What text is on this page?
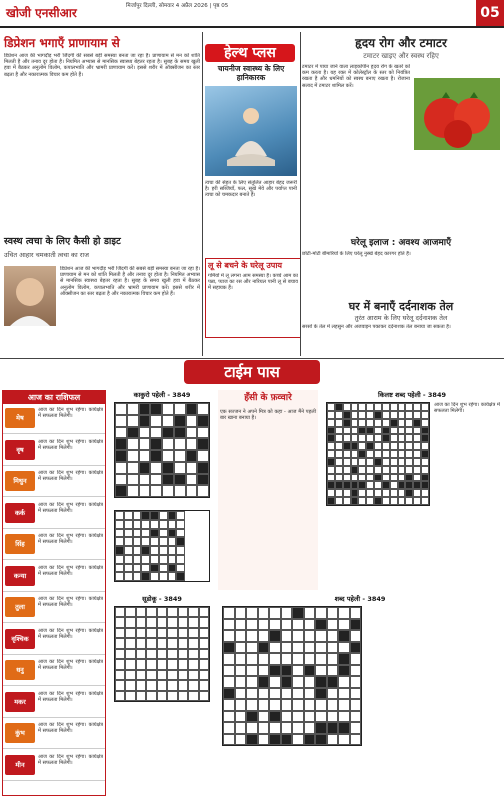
खोजी एनसीआर	मिर्जापुर दिल्ली, सोमवार 4 अप्रैल 2026 | पृष्ठ 05	05
डिप्रेशन भगाएँ प्राणायाम से
डिप्रेशन आज की भागदौड़ भरी जिंदगी की सबसे बड़ी समस्या बनता जा रहा है। प्राणायाम से मन को शांति मिलती है और तनाव दूर होता है। नियमित अभ्यास से मानसिक स्वास्थ्य बेहतर रहता है। सुबह के समय खुली हवा में बैठकर अनुलोम विलोम, कपालभाति और भ्रामरी प्राणायाम करें। इससे शरीर में ऑक्सीजन का स्तर बढ़ता है और नकारात्मक विचार कम होते हैं।
हेल्थ प्लस
चायनीज स्वास्थ्य के लिए हानिकारक
त्वचा की सेहत के लिए संतुलित आहार बेहद जरूरी है। हरी सब्जियाँ, फल, सूखे मेवे और पर्याप्त पानी त्वचा को चमकदार बनाते हैं।
हृदय रोग और टमाटर
टमाटर खाइए और स्वस्थ रहिए
टमाटर में पाया जाने वाला लाइकोपीन हृदय रोग के खतरे को कम करता है। यह रक्त में कोलेस्ट्रॉल के स्तर को नियंत्रित रखता है और धमनियों को स्वस्थ बनाए रखता है। रोजाना सलाद में टमाटर शामिल करें।
स्वस्थ त्वचा के लिए कैसी हो डाइट
उचित आहार चमकाती त्वचा का राज
डिप्रेशन आज की भागदौड़ भरी जिंदगी की सबसे बड़ी समस्या बनता जा रहा है। प्राणायाम से मन को शांति मिलती है और तनाव दूर होता है। नियमित अभ्यास से मानसिक स्वास्थ्य बेहतर रहता है। सुबह के समय खुली हवा में बैठकर अनुलोम विलोम, कपालभाति और भ्रामरी प्राणायाम करें। इससे शरीर में ऑक्सीजन का स्तर बढ़ता है और नकारात्मक विचार कम होते हैं।
लू से बचने के घरेलू उपाय
गर्मियों में लू लगना आम समस्या है। कच्चे आम का पन्ना, प्याज का रस और नारियल पानी लू से बचाव में सहायक हैं।
घरेलू इलाज : अवश्य आजमाएँ
छोटी-मोटी बीमारियों के लिए घरेलू नुस्खे बेहद कारगर होते हैं।
घर में बनाएँ दर्दनाशक तेल
तुरंत आराम के लिए घरेलू दर्दनाशक तेल
सरसों के तेल में लहसुन और अजवाइन पकाकर दर्दनाशक तेल बनाया जा सकता है।
टाईम पास
आज का राशिफल
मेष
आज का दिन शुभ रहेगा। कार्यक्षेत्र में सफलता मिलेगी।
वृष
आज का दिन शुभ रहेगा। कार्यक्षेत्र में सफलता मिलेगी।
मिथुन
आज का दिन शुभ रहेगा। कार्यक्षेत्र में सफलता मिलेगी।
कर्क
आज का दिन शुभ रहेगा। कार्यक्षेत्र में सफलता मिलेगी।
सिंह
आज का दिन शुभ रहेगा। कार्यक्षेत्र में सफलता मिलेगी।
कन्या
आज का दिन शुभ रहेगा। कार्यक्षेत्र में सफलता मिलेगी।
तुला
आज का दिन शुभ रहेगा। कार्यक्षेत्र में सफलता मिलेगी।
वृश्चिक
आज का दिन शुभ रहेगा। कार्यक्षेत्र में सफलता मिलेगी।
धनु
आज का दिन शुभ रहेगा। कार्यक्षेत्र में सफलता मिलेगी।
मकर
आज का दिन शुभ रहेगा। कार्यक्षेत्र में सफलता मिलेगी।
कुंभ
आज का दिन शुभ रहेगा। कार्यक्षेत्र में सफलता मिलेगी।
मीन
आज का दिन शुभ रहेगा। कार्यक्षेत्र में सफलता मिलेगी।
काकुरो पहेली - 3849	हँसी के फ़व्वारे
एक सज्जन ने अपने मित्र को कहा - आज मैंने पहली बार खाना बनाया है।
किलष्ट शब्द पहेली - 3849
आज का दिन शुभ रहेगा। कार्यक्षेत्र में सफलता मिलेगी।
सूडोकू - 3849	शब्द पहेली - 3849
